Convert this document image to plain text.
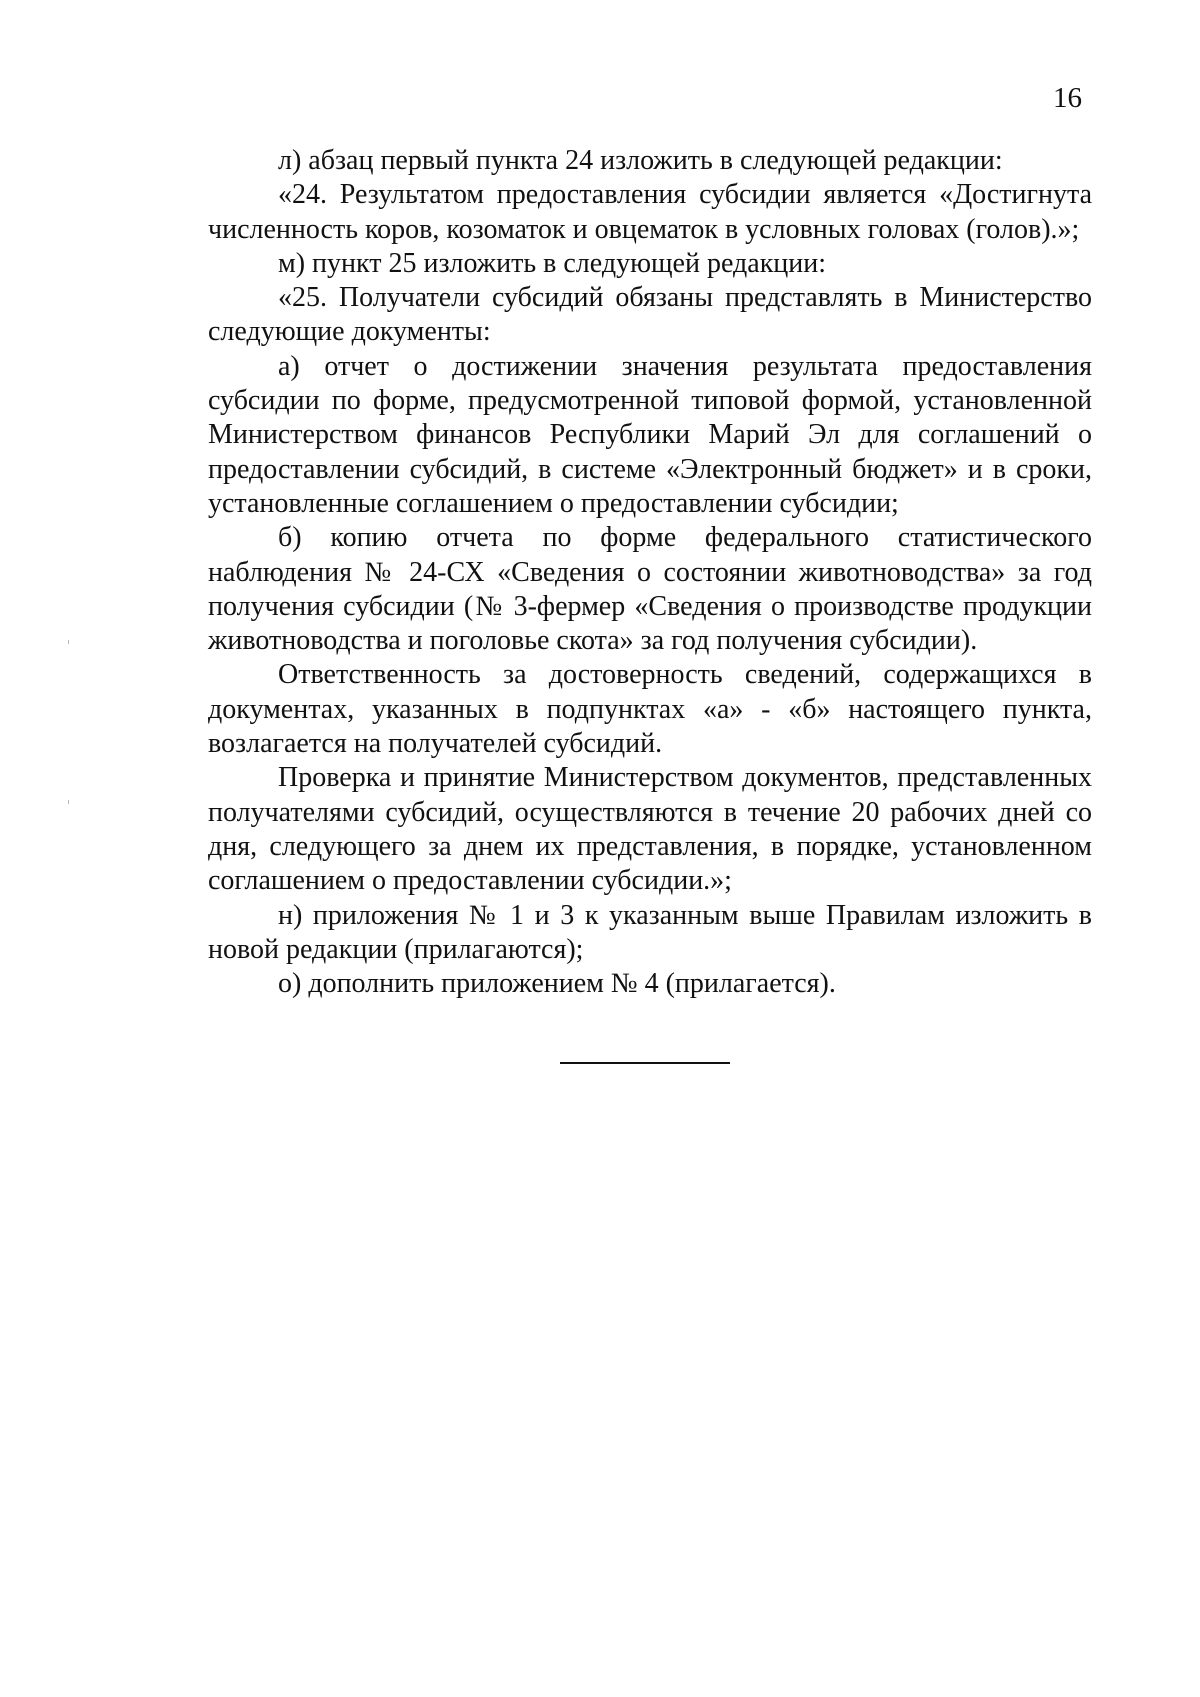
16

л) абзац первый пункта 24 изложить в следующей редакции:

«24. Результатом предоставления субсидии является «Достигнута численность коров, козоматок и овцематок в условных головах (голов).»;

м) пункт 25 изложить в следующей редакции:

«25. Получатели субсидий обязаны представлять в Министерство следующие документы:

а) отчет о достижении значения результата предоставления субсидии по форме, предусмотренной типовой формой, установленной Министерством финансов Республики Марий Эл для соглашений о предоставлении субсидий, в системе «Электронный бюджет» и в сроки, установленные соглашением о предоставлении субсидии;

б) копию отчета по форме федерального статистического наблюдения № 24-СХ «Сведения о состоянии животноводства» за год получения субсидии (№ 3-фермер «Сведения о производстве продукции животноводства и поголовье скота» за год получения субсидии).

Ответственность за достоверность сведений, содержащихся в документах, указанных в подпунктах «а» - «б» настоящего пункта, возлагается на получателей субсидий.

Проверка и принятие Министерством документов, представленных получателями субсидий, осуществляются в течение 20 рабочих дней со дня, следующего за днем их представления, в порядке, установленном соглашением о предоставлении субсидии.»;

н) приложения № 1 и 3 к указанным выше Правилам изложить в новой редакции (прилагаются);

о) дополнить приложением № 4 (прилагается).
